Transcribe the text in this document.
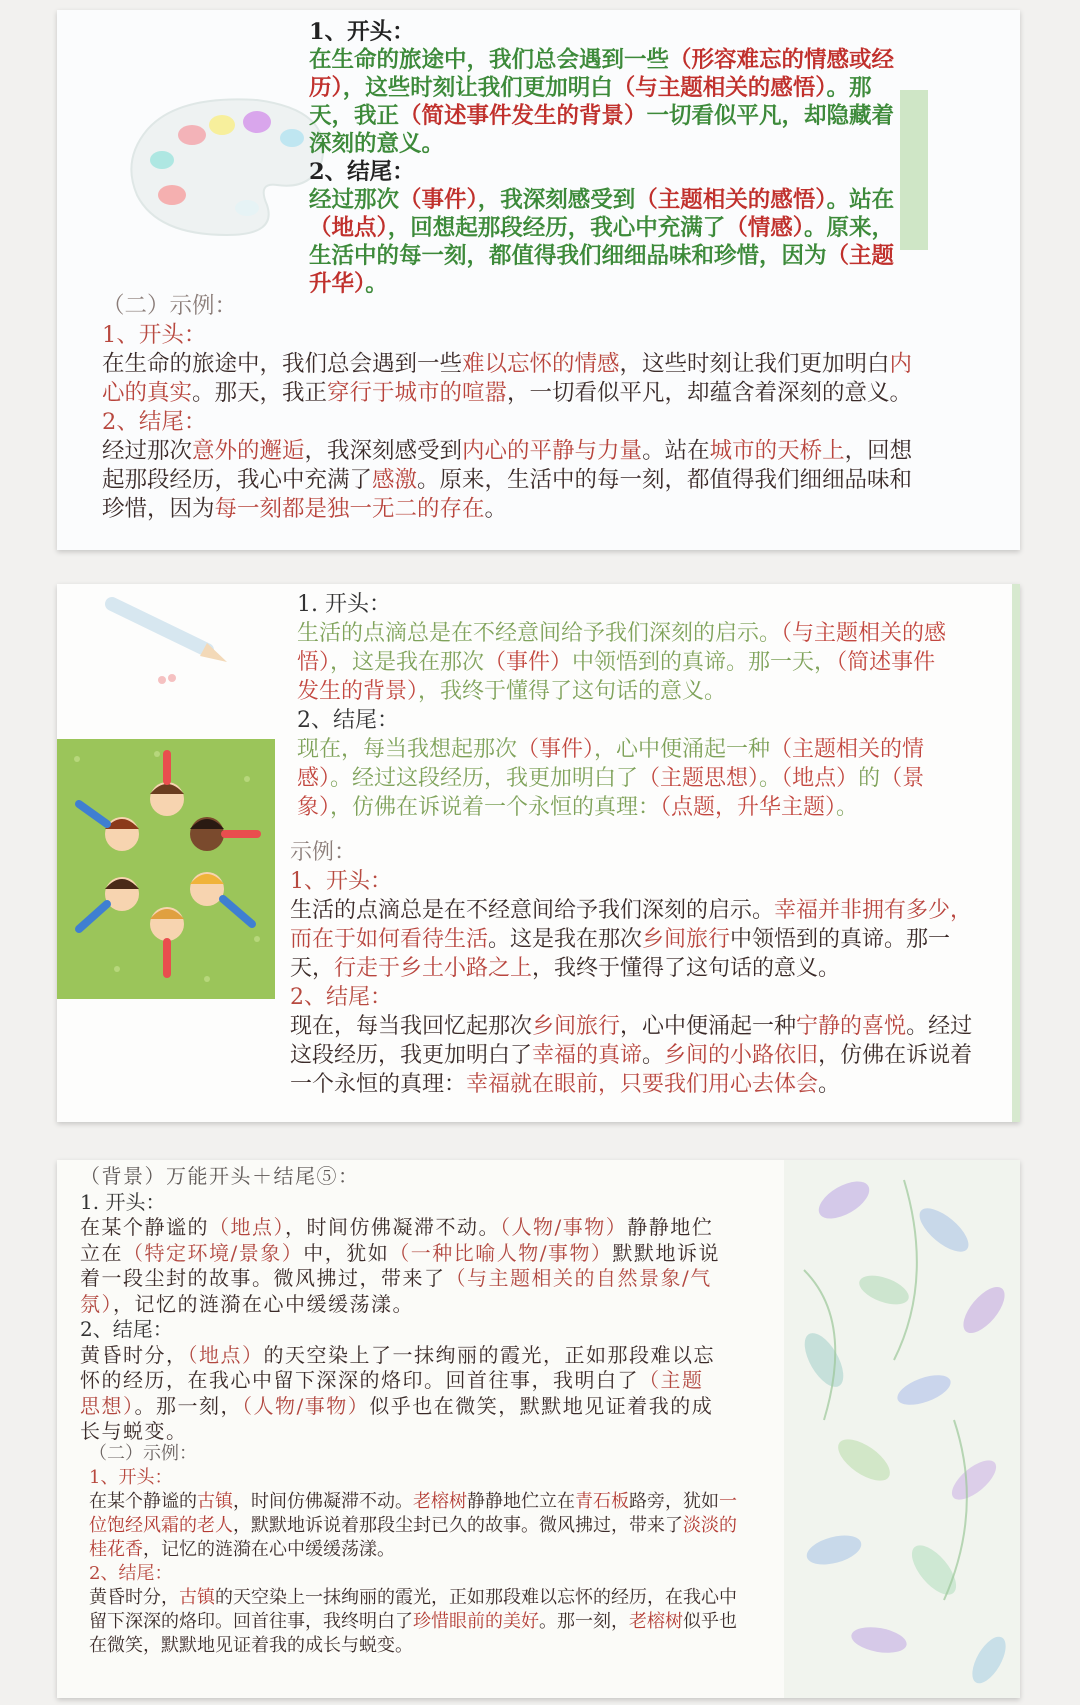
1、开头：

在生命的旅途中，我们总会遇到一些（形容难忘的情感或经历），这些时刻让我们更加明白（与主题相关的感悟）。那天，我正（简述事件发生的背景）一切看似平凡，却隐藏着深刻的意义。

2、结尾：

经过那次（事件），我深刻感受到（主题相关的感悟）。站在（地点），回想起那段经历，我心中充满了（情感）。原来，生活中的每一刻，都值得我们细细品味和珍惜，因为（主题升华）。

（二）示例：

1、开头：

在生命的旅途中，我们总会遇到一些难以忘怀的情感，这些时刻让我们更加明白内心的真实。那天，我正穿行于城市的喧嚣，一切看似平凡，却蕴含着深刻的意义。

2、结尾：

经过那次意外的邂逅，我深刻感受到内心的平静与力量。站在城市的天桥上，回想起那段经历，我心中充满了感激。原来，生活中的每一刻，都值得我们细细品味和珍惜，因为每一刻都是独一无二的存在。

1. 开头：

生活的点滴总是在不经意间给予我们深刻的启示。（与主题相关的感悟），这是我在那次（事件）中领悟到的真谛。那一天，（简述事件发生的背景），我终于懂得了这句话的意义。

2、结尾：

现在，每当我想起那次（事件），心中便涌起一种（主题相关的情感）。经过这段经历，我更加明白了（主题思想）。（地点）的（景象），仿佛在诉说着一个永恒的真理：（点题，升华主题）。

示例：

1、开头：

生活的点滴总是在不经意间给予我们深刻的启示。幸福并非拥有多少，而在于如何看待生活。这是我在那次乡间旅行中领悟到的真谛。那一天，行走于乡土小路之上，我终于懂得了这句话的意义。

2、结尾：

现在，每当我回忆起那次乡间旅行，心中便涌起一种宁静的喜悦。经过这段经历，我更加明白了幸福的真谛。乡间的小路依旧，仿佛在诉说着一个永恒的真理：幸福就在眼前，只要我们用心去体会。

（背景）万能开头＋结尾⑤：

1. 开头：

在某个静谧的（地点），时间仿佛凝滞不动。（人物/事物）静静地伫立在（特定环境/景象）中，犹如（一种比喻人物/事物）默默地诉说着一段尘封的故事。微风拂过，带来了（与主题相关的自然景象/气氛），记忆的涟漪在心中缓缓荡漾。

2、结尾：

黄昏时分，（地点）的天空染上了一抹绚丽的霞光，正如那段难以忘怀的经历，在我心中留下深深的烙印。回首往事，我明白了（主题思想）。那一刻，（人物/事物）似乎也在微笑，默默地见证着我的成长与蜕变。

（二）示例：

1、开头：

在某个静谧的古镇，时间仿佛凝滞不动。老榕树静静地伫立在青石板路旁，犹如一位饱经风霜的老人，默默地诉说着那段尘封已久的故事。微风拂过，带来了淡淡的桂花香，记忆的涟漪在心中缓缓荡漾。

2、结尾：

黄昏时分，古镇的天空染上一抹绚丽的霞光，正如那段难以忘怀的经历，在我心中留下深深的烙印。回首往事，我终明白了珍惜眼前的美好。那一刻，老榕树似乎也在微笑，默默地见证着我的成长与蜕变。
